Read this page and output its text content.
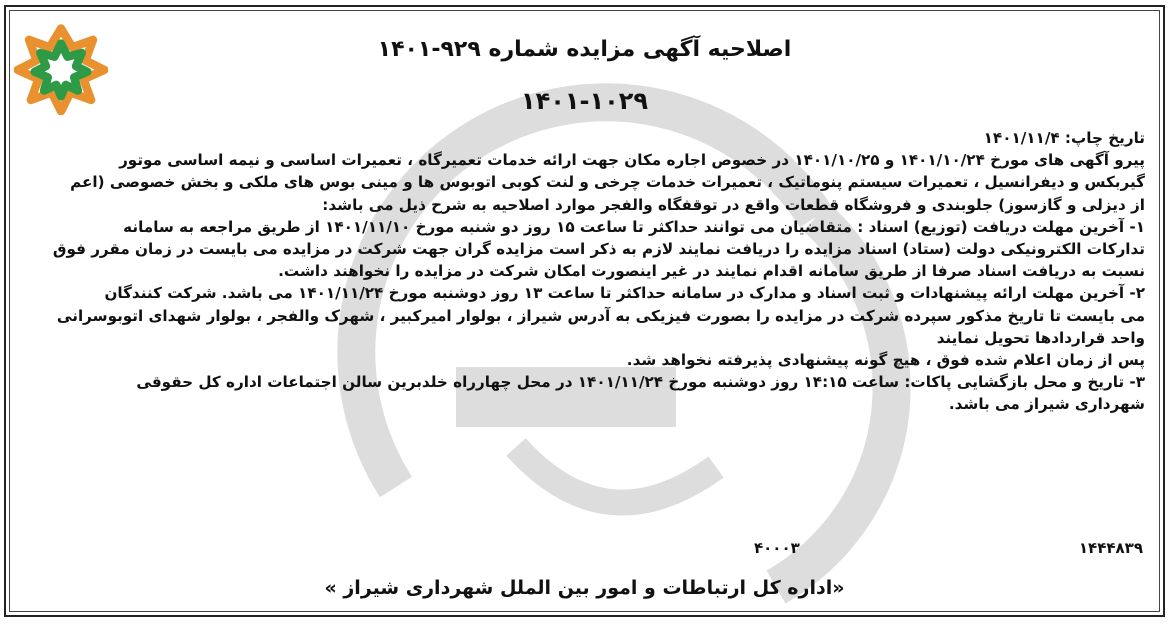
اصلاحیه آگهی مزایده شماره ۹۲۹-۱۴۰۱
۱۴۰۱-۱۰۲۹
تاریخ چاپ: ۱۴۰۱/۱۱/۴
پیرو آگهی های مورخ ۱۴۰۱/۱۰/۲۴ و ۱۴۰۱/۱۰/۲۵ در خصوص اجاره مکان جهت ارائه خدمات تعمیرگاه ، تعمیرات اساسی و نیمه اساسی موتور
گیربکس و دیفرانسیل ، تعمیرات سیستم پنوماتیک ، تعمیرات خدمات چرخی و لنت کوبی اتوبوس ها و مینی بوس های ملکی و بخش خصوصی (اعم
از دیزلی و گازسوز) جلوبندی و فروشگاه قطعات واقع در توقفگاه والفجر موارد اصلاحیه به شرح ذیل می باشد:
۱- آخرین مهلت دریافت (توزیع) اسناد : متقاضیان می توانند حداکثر تا ساعت ۱۵ روز دو شنبه مورخ ۱۴۰۱/۱۱/۱۰ از طریق مراجعه به سامانه
تدارکات الکترونیکی دولت (ستاد) اسناد مزایده را دریافت نمایند لازم به ذکر است مزایده گران جهت شرکت در مزایده می بایست در زمان مقرر فوق
نسبت به دریافت اسناد صرفا از طریق سامانه اقدام نمایند در غیر اینصورت امکان شرکت در مزایده را نخواهند داشت.
۲- آخرین مهلت ارائه پیشنهادات و ثبت اسناد و مدارک در سامانه حداکثر تا ساعت ۱۳ روز دوشنبه مورخ ۱۴۰۱/۱۱/۲۴ می باشد. شرکت کنندگان
می بایست تا تاریخ مذکور سپرده شرکت در مزایده را بصورت فیزیکی به آدرس شیراز ، بولوار امیرکبیر ، شهرک والفجر ، بولوار شهدای اتوبوسرانی
واحد قراردادها تحویل نمایند
پس از زمان اعلام شده فوق ، هیچ گونه پیشنهادی پذیرفته نخواهد شد.
۳- تاریخ و محل بازگشایی پاکات: ساعت ۱۴:۱۵ روز دوشنبه مورخ ۱۴۰۱/۱۱/۲۴ در محل چهارراه خلدبرین سالن اجتماعات اداره کل حقوقی
شهرداری شیراز می باشد.
۱۴۴۴۸۳۹
۴۰۰۰۳
«اداره کل ارتباطات و امور بین الملل شهرداری شیراز »
